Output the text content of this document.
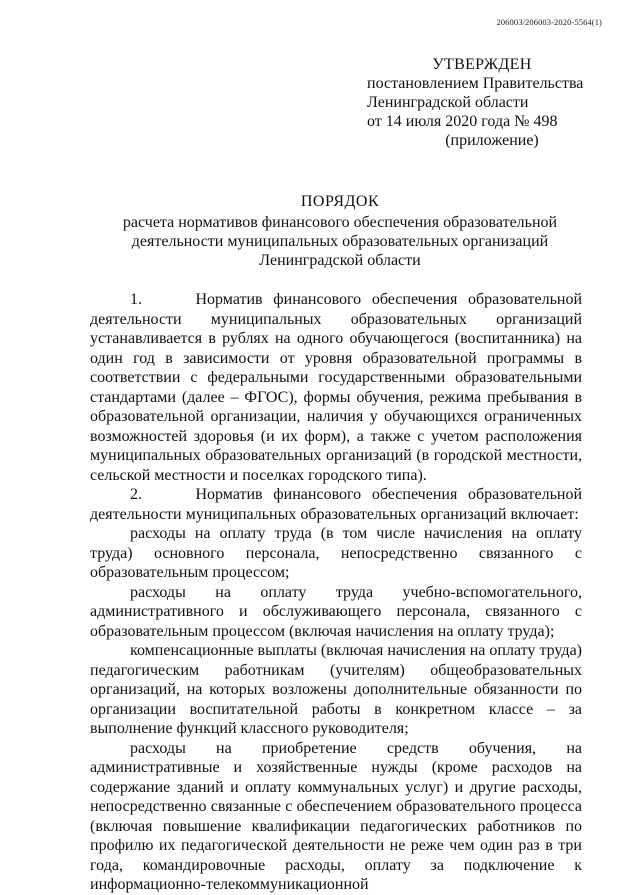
206003/206003-2020-5564(1)
УТВЕРЖДЕН
постановлением Правительства
Ленинградской области
от 14 июля 2020 года № 498
(приложение)
ПОРЯДОК
расчета нормативов финансового обеспечения образовательной
деятельности муниципальных образовательных организаций
Ленинградской области

1.     Норматив финансового обеспечения образовательной деятельности муниципальных образовательных организаций устанавливается в рублях на одного обучающегося (воспитанника) на один год в зависимости от уровня образовательной программы в соответствии с федеральными государственными образовательными стандартами (далее – ФГОС), формы обучения, режима пребывания в образовательной организации, наличия у обучающихся ограниченных возможностей здоровья (и их форм), а также с учетом расположения муниципальных образовательных организаций (в городской местности, сельской местности и поселках городского типа).

2.     Норматив финансового обеспечения образовательной деятельности муниципальных образовательных организаций включает:

расходы на оплату труда (в том числе начисления на оплату труда) основного персонала, непосредственно связанного с образовательным процессом;

расходы на оплату труда учебно-вспомогательного, административного и обслуживающего персонала, связанного с образовательным процессом (включая начисления на оплату труда);

компенсационные выплаты (включая начисления на оплату труда) педагогическим работникам (учителям) общеобразовательных организаций, на которых возложены дополнительные обязанности по организации воспитательной работы в конкретном классе – за выполнение функций классного руководителя;

расходы на приобретение средств обучения, на административные и хозяйственные нужды (кроме расходов на содержание зданий и оплату коммунальных услуг) и другие расходы, непосредственно связанные с обеспечением образовательного процесса (включая повышение квалификации педагогических работников по профилю их педагогической деятельности не реже чем один раз в три года, командировочные расходы, оплату за подключение к информационно-телекоммуникационной
